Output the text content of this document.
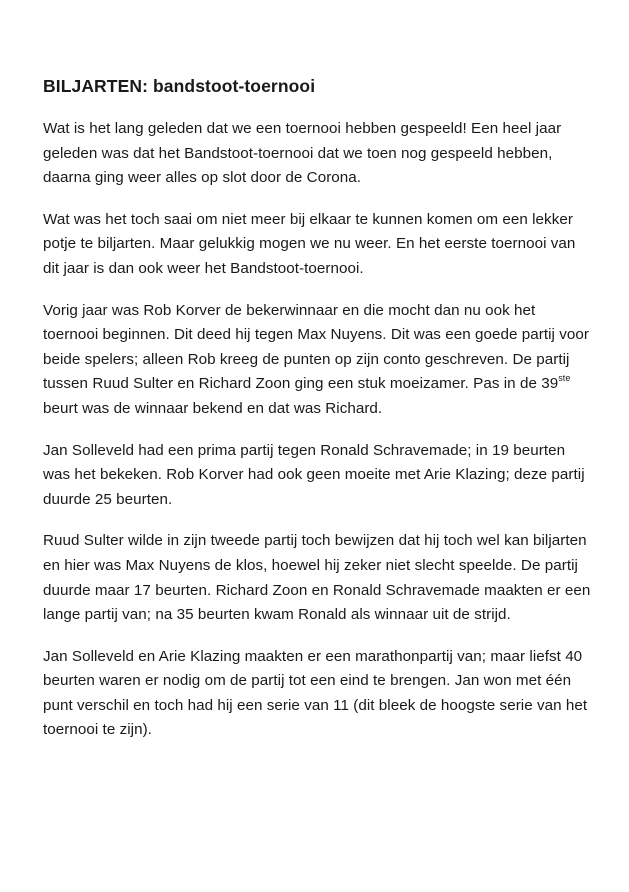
BILJARTEN: bandstoot-toernooi

Wat is het lang geleden dat we een toernooi hebben gespeeld! Een heel jaar geleden was dat het Bandstoot-toernooi dat we toen nog gespeeld hebben, daarna ging weer alles op slot door de Corona.

Wat was het toch saai om niet meer bij elkaar te kunnen komen om een lekker potje te biljarten. Maar gelukkig mogen we nu weer. En het eerste toernooi van dit jaar is dan ook weer het Bandstoot-toernooi.

Vorig jaar was Rob Korver de bekerwinnaar en die mocht dan nu ook het toernooi beginnen. Dit deed hij tegen Max Nuyens. Dit was een goede partij voor beide spelers; alleen Rob kreeg de punten op zijn conto geschreven. De partij tussen Ruud Sulter en Richard Zoon ging een stuk moeizamer. Pas in de 39ste beurt was de winnaar bekend en dat was Richard.

Jan Solleveld had een prima partij tegen Ronald Schravemade; in 19 beurten was het bekeken. Rob Korver had ook geen moeite met Arie Klazing; deze partij duurde 25 beurten.

Ruud Sulter wilde in zijn tweede partij toch bewijzen dat hij toch wel kan biljarten en hier was Max Nuyens de klos, hoewel hij zeker niet slecht speelde. De partij duurde maar 17 beurten. Richard Zoon en Ronald Schravemade maakten er een lange partij van; na 35 beurten kwam Ronald als winnaar uit de strijd.

Jan Solleveld en Arie Klazing maakten er een marathonpartij van; maar liefst 40 beurten waren er nodig om de partij tot een eind te brengen. Jan won met één punt verschil en toch had hij een serie van 11 (dit bleek de hoogste serie van het toernooi te zijn).
